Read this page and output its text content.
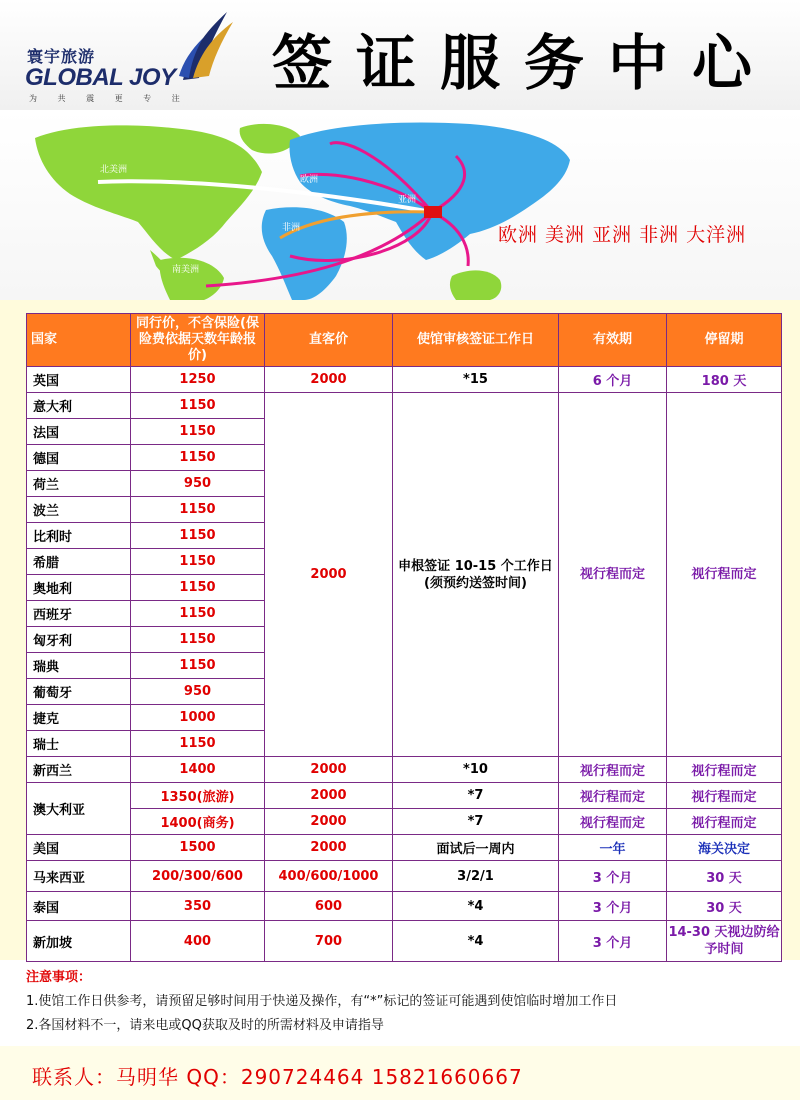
寰宇旅游
GLOBAL JOY
为 共 震 更 专 注 签证服务中心
北美洲
欧洲
亚洲
非洲
南美洲
欧洲 美洲 亚洲 非洲 大洋洲
国家	同行价，不含保险(保险费依据天数年龄报价)	直客价	使馆审核签证工作日	有效期	停留期
英国	1250	2000	*15	6 个月	180 天
意大利	1150	2000	申根签证 10-15 个工作日(须预约送签时间)	视行程而定	视行程而定
法国	1150				
德国	1150				
荷兰	950				
波兰	1150				
比利时	1150				
希腊	1150				
奥地利	1150				
西班牙	1150				
匈牙利	1150				
瑞典	1150				
葡萄牙	950				
捷克	1000				
瑞士	1150				
新西兰	1400	2000	*10	视行程而定	视行程而定
澳大利亚	1350(旅游)	2000	*7	视行程而定	视行程而定
	1400(商务)	2000	*7	视行程而定	视行程而定
美国	1500	2000	面试后一周内	一年	海关决定
马来西亚	200/300/600	400/600/1000	3/2/1	3 个月	30 天
泰国	350	600	*4	3 个月	30 天
新加坡	400	700	*4	3 个月	14-30 天视边防给予时间
注意事项：
1.使馆工作日供参考，请预留足够时间用于快递及操作，有“*”标记的签证可能遇到使馆临时增加工作日
2.各国材料不一，请来电或QQ获取及时的所需材料及申请指导
联系人：马明华 QQ：290724464 15821660667
